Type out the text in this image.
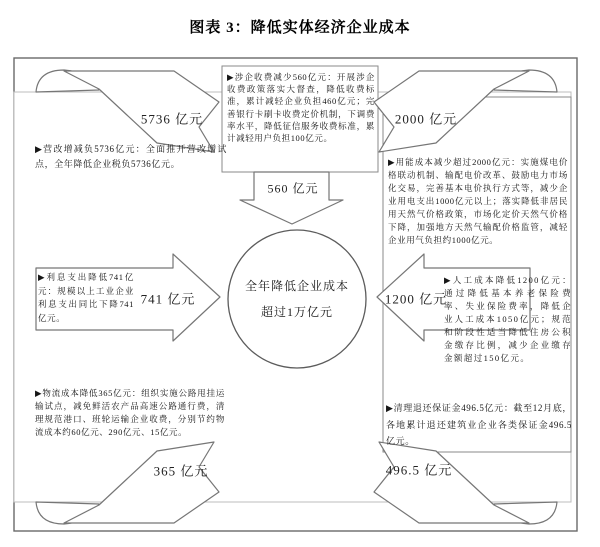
图表 3：降低实体经济企业成本
全年降低企业成本
超过1万亿元
▶涉企收费减少560亿元：开展涉企收费政策落实大督查，降低收费标准，累计减轻企业负担460亿元；完善银行卡刷卡收费定价机制，下调费率水平，降低征信服务收费标准，累计减轻用户负担100亿元。
▶营改增减负5736亿元：全面推开营改增试点，全年降低企业税负5736亿元。	▶用能成本减少超过2000亿元：实施煤电价格联动机制、输配电价改革、鼓励电力市场化交易，完善基本电价执行方式等，减少企业用电支出1000亿元以上；落实降低非居民用天然气价格政策，市场化定价天然气价格下降，加强地方天然气输配价格监管，减轻企业用气负担约1000亿元。
▶利息支出降低741亿元：规模以上工业企业利息支出同比下降741亿元。
▶人工成本降低1200亿元：通过降低基本养老保险费率、失业保险费率，降低企业人工成本1050亿元；规范和阶段性适当降低住房公积金缴存比例，减少企业缴存金额超过150亿元。
▶物流成本降低365亿元：组织实施公路甩挂运输试点，减免鲜活农产品高速公路通行费，清理规范港口、班轮运输企业收费，分别节约物流成本约60亿元、290亿元、15亿元。
▶清理退还保证金496.5亿元：截至12月底，各地累计退还建筑业企业各类保证金496.5亿元。
5736 亿元
560 亿元
2000 亿元
741 亿元	1200 亿元
365 亿元	496.5 亿元
